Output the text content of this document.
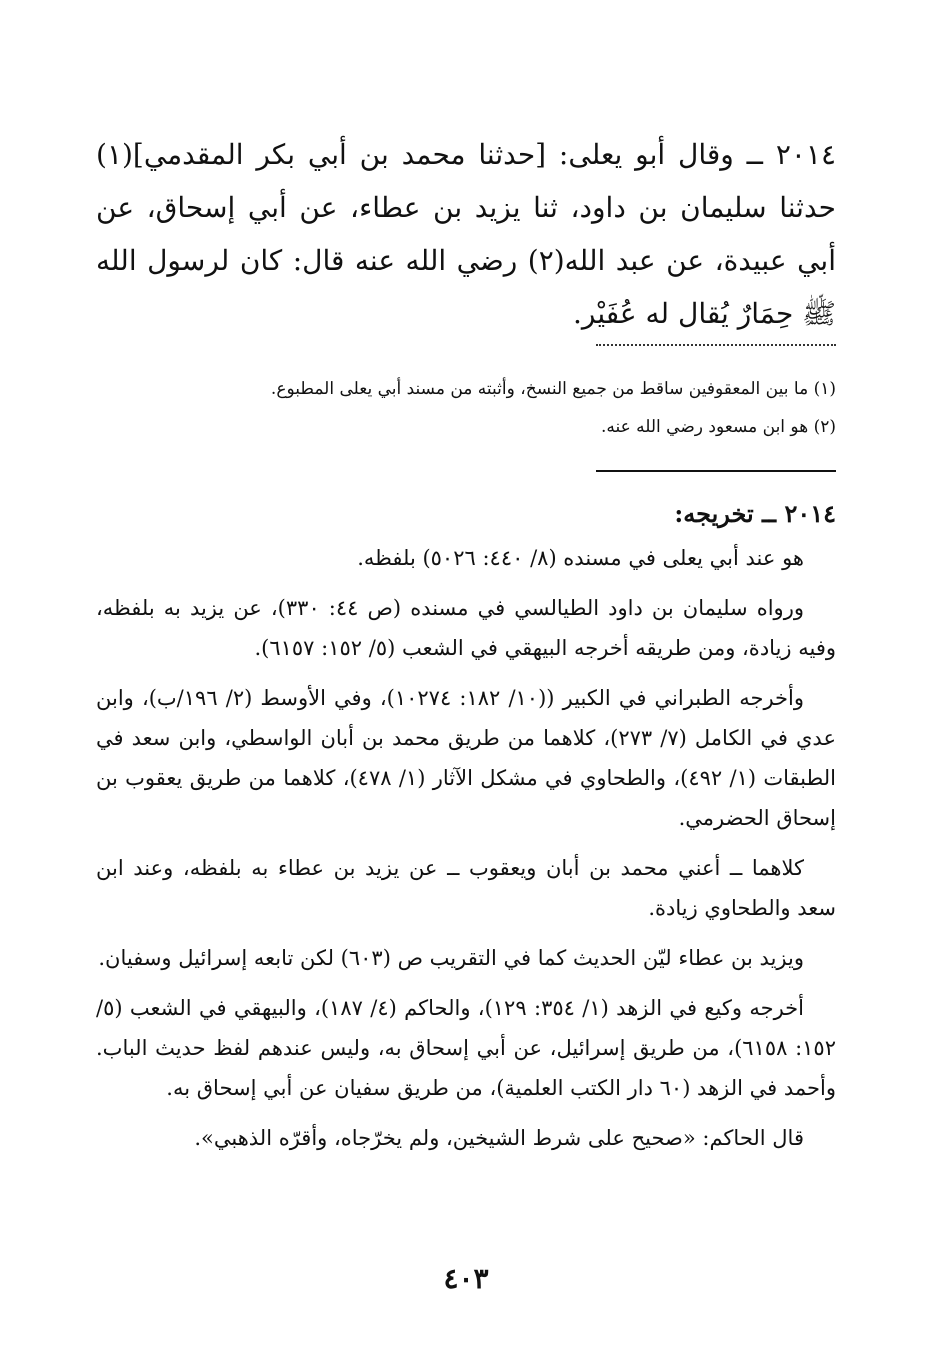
٢٠١٤ ــ وقال أبو يعلى: [حدثنا محمد بن أبي بكر المقدمي](١) حدثنا سليمان بن داود، ثنا يزيد بن عطاء، عن أبي إسحاق، عن أبي عبيدة، عن عبد الله(٢) رضي الله عنه قال: كان لرسول الله ﷺ حِمَارٌ يُقال له عُفَيْر.

(١) ما بين المعقوفين ساقط من جميع النسخ، وأثبته من مسند أبي يعلى المطبوع.

(٢) هو ابن مسعود رضي الله عنه.

٢٠١٤ ــ تخريجه:

هو عند أبي يعلى في مسنده (٨/ ٤٤٠: ٥٠٢٦) بلفظه.

ورواه سليمان بن داود الطيالسي في مسنده (ص ٤٤: ٣٣٠)، عن يزيد به بلفظه، وفيه زيادة، ومن طريقه أخرجه البيهقي في الشعب (٥/ ١٥٢: ٦١٥٧).

وأخرجه الطبراني في الكبير ((١٠/ ١٨٢: ١٠٢٧٤)، وفي الأوسط (٢/ ١٩٦/ب)، وابن عدي في الكامل (٧/ ٢٧٣)، كلاهما من طريق محمد بن أبان الواسطي، وابن سعد في الطبقات (١/ ٤٩٢)، والطحاوي في مشكل الآثار (١/ ٤٧٨)، كلاهما من طريق يعقوب بن إسحاق الحضرمي.

كلاهما ــ أعني محمد بن أبان ويعقوب ــ عن يزيد بن عطاء به بلفظه، وعند ابن سعد والطحاوي زيادة.

ويزيد بن عطاء ليّن الحديث كما في التقريب ص (٦٠٣) لكن تابعه إسرائيل وسفيان.

أخرجه وكيع في الزهد (١/ ٣٥٤: ١٢٩)، والحاكم (٤/ ١٨٧)، والبيهقي في الشعب (٥/ ١٥٢: ٦١٥٨)، من طريق إسرائيل، عن أبي إسحاق به، وليس عندهم لفظ حديث الباب. وأحمد في الزهد (٦٠ دار الكتب العلمية)، من طريق سفيان عن أبي إسحاق به.

قال الحاكم: «صحيح على شرط الشيخين، ولم يخرّجاه، وأقرّه الذهبي».

٤٠٣
